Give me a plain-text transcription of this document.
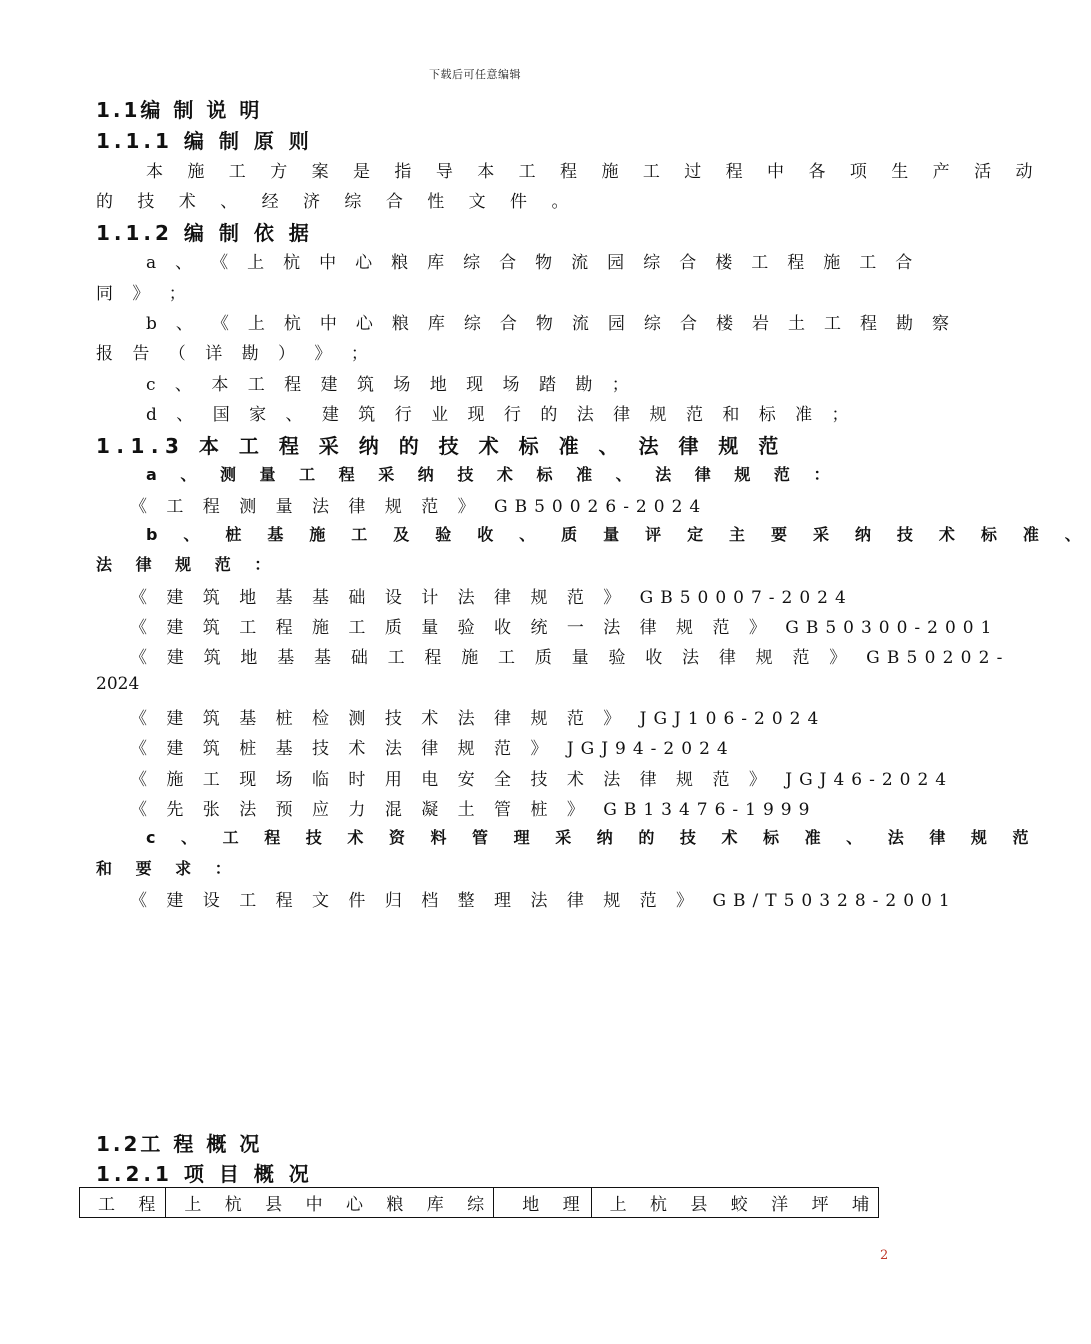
下载后可任意编辑
1.1编 制 说 明
1.1.1 编 制 原 则
本 施 工 方 案 是 指 导 本 工 程 施 工 过 程 中 各 项 生 产 活 动
的 技 术 、 经 济 综 合 性 文 件 。
1.1.2 编 制 依 据
a 、 《 上 杭 中 心 粮 库 综 合 物 流 园 综 合 楼 工 程 施 工 合
同 》 ；
b 、 《 上 杭 中 心 粮 库 综 合 物 流 园 综 合 楼 岩 土 工 程 勘 察
报 告 （ 详 勘 ） 》 ；
c 、 本 工 程 建 筑 场 地 现 场 踏 勘 ；
d 、 国 家 、 建 筑 行 业 现 行 的 法 律 规 范 和 标 准 ；
1.1.3 本 工 程 采 纳 的 技 术 标 准 、 法 律 规 范
a 、 测 量 工 程 采 纳 技 术 标 准 、 法 律 规 范 ：
《 工 程 测 量 法 律 规 范 》 GB50026-2024
b 、 桩 基 施 工 及 验 收 、 质 量 评 定 主 要 采 纳 技 术 标 准 、
法 律 规 范 ：
《 建 筑 地 基 基 础 设 计 法 律 规 范 》 GB50007-2024
《 建 筑 工 程 施 工 质 量 验 收 统 一 法 律 规 范 》 GB50300-2001
《 建 筑 地 基 基 础 工 程 施 工 质 量 验 收 法 律 规 范 》 GB50202-
2024
《 建 筑 基 桩 检 测 技 术 法 律 规 范 》 JGJ106-2024
《 建 筑 桩 基 技 术 法 律 规 范 》 JGJ94-2024
《 施 工 现 场 临 时 用 电 安 全 技 术 法 律 规 范 》 JGJ46-2024
《 先 张 法 预 应 力 混 凝 土 管 桩 》 GB13476-1999
c 、 工 程 技 术 资 料 管 理 采 纳 的 技 术 标 准 、 法 律 规 范
和 要 求 ：
《 建 设 工 程 文 件 归 档 整 理 法 律 规 范 》 GB/T50328-2001
1.2工 程 概 况
1.2.1 项 目 概 况
工 程	上 杭 县 中 心 粮 库 综	地 理	上 杭 县 蛟 洋 坪 埔
2
